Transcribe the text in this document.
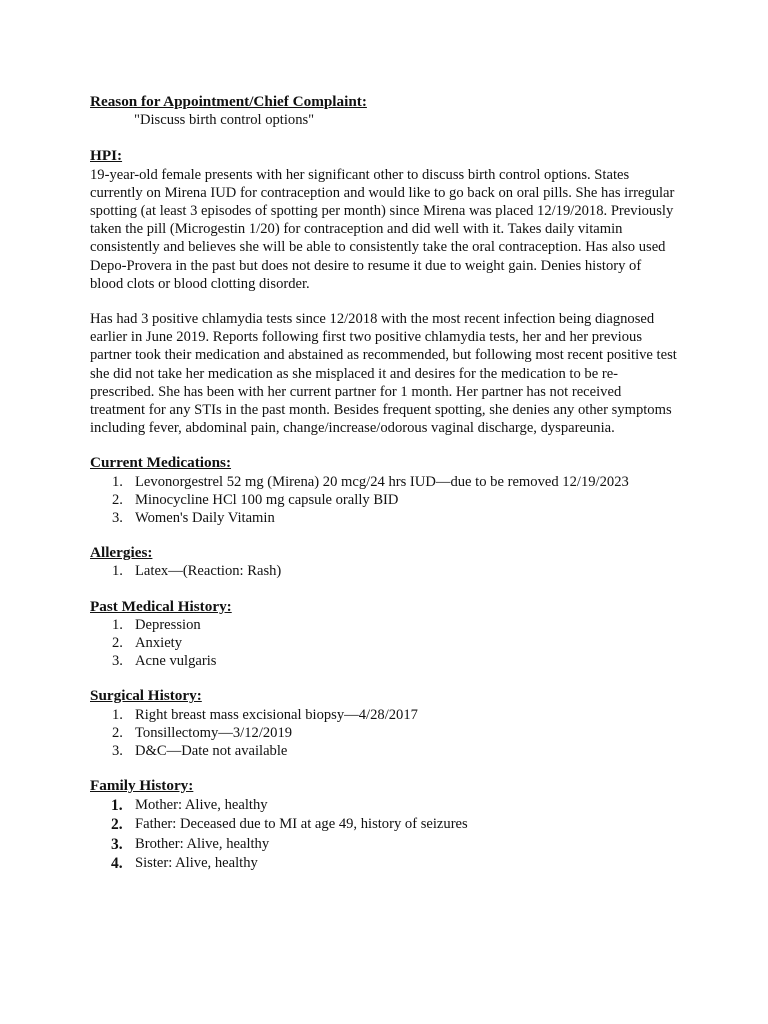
Reason for Appointment/Chief Complaint:

"Discuss birth control options"

HPI:

19-year-old female presents with her significant other to discuss birth control options. States currently on Mirena IUD for contraception and would like to go back on oral pills. She has irregular spotting (at least 3 episodes of spotting per month) since Mirena was placed 12/19/2018. Previously taken the pill (Microgestin 1/20) for contraception and did well with it. Takes daily vitamin consistently and believes she will be able to consistently take the oral contraception. Has also used Depo-Provera in the past but does not desire to resume it due to weight gain. Denies history of blood clots or blood clotting disorder.

Has had 3 positive chlamydia tests since 12/2018 with the most recent infection being diagnosed earlier in June 2019. Reports following first two positive chlamydia tests, her and her previous partner took their medication and abstained as recommended, but following most recent positive test she did not take her medication as she misplaced it and desires for the medication to be re-prescribed. She has been with her current partner for 1 month. Her partner has not received treatment for any STIs in the past month. Besides frequent spotting, she denies any other symptoms including fever, abdominal pain, change/increase/odorous vaginal discharge, dyspareunia.

Current Medications:

1. Levonorgestrel 52 mg (Mirena) 20 mcg/24 hrs IUD—due to be removed 12/19/2023
2. Minocycline HCl 100 mg capsule orally BID
3. Women's Daily Vitamin

Allergies:

1. Latex—(Reaction: Rash)

Past Medical History:

1. Depression
2. Anxiety
3. Acne vulgaris

Surgical History:

1. Right breast mass excisional biopsy—4/28/2017
2. Tonsillectomy—3/12/2019
3. D&C—Date not available

Family History:

1. Mother: Alive, healthy
2. Father: Deceased due to MI at age 49, history of seizures
3. Brother: Alive, healthy
4. Sister: Alive, healthy
